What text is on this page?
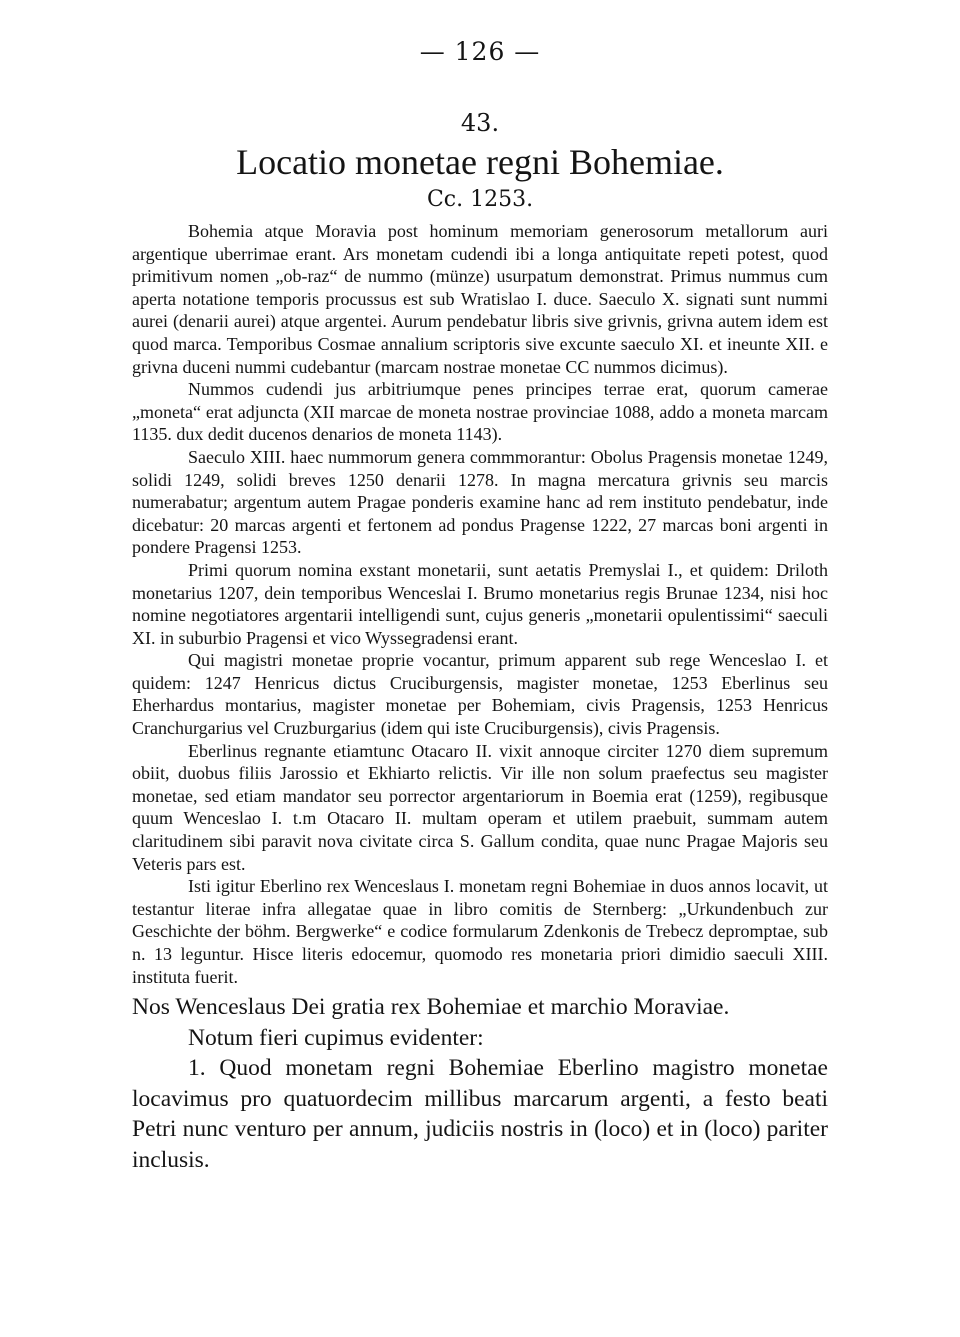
— 126 —
43.
Locatio monetae regni Bohemiae.
Cc. 1253.

Bohemia atque Moravia post hominum memoriam generosorum metallorum auri argentique uberrimae erant. Ars monetam cudendi ibi a longa antiquitate repeti potest, quod primitivum nomen „ob-raz“ de nummo (münze) usurpatum demonstrat. Primus nummus cum aperta notatione temporis procussus est sub Wratislao I. duce. Saeculo X. signati sunt nummi aurei (denarii aurei) atque argentei. Aurum pendebatur libris sive grivnis, grivna autem idem est quod marca. Temporibus Cosmae annalium scriptoris sive excunte saeculo XI. et ineunte XII. e grivna duceni nummi cudebantur (marcam nostrae monetae CC nummos dicimus).

Nummos cudendi jus arbitriumque penes principes terrae erat, quorum camerae „moneta“ erat adjuncta (XII marcae de moneta nostrae provinciae 1088, addo a moneta marcam 1135. dux dedit ducenos denarios de moneta 1143).

Saeculo XIII. haec nummorum genera commmorantur: Obolus Pragensis monetae 1249, solidi 1249, solidi breves 1250 denarii 1278. In magna mercatura grivnis seu marcis numerabatur; argentum autem Pragae ponderis examine hanc ad rem instituto pendebatur, inde dicebatur: 20 marcas argenti et fertonem ad pondus Pragense 1222, 27 marcas boni argenti in pondere Pragensi 1253.

Primi quorum nomina exstant monetarii, sunt aetatis Premyslai I., et quidem: Driloth monetarius 1207, dein temporibus Wenceslai I. Brumo monetarius regis Brunae 1234, nisi hoc nomine negotiatores argentarii intelligendi sunt, cujus generis „monetarii opulentissimi“ saeculi XI. in suburbio Pragensi et vico Wyssegradensi erant.

Qui magistri monetae proprie vocantur, primum apparent sub rege Wenceslao I. et quidem: 1247 Henricus dictus Cruciburgensis, magister monetae, 1253 Eberlinus seu Eherhardus montarius, magister monetae per Bohemiam, civis Pragensis, 1253 Henricus Cranchurgarius vel Cruzburgarius (idem qui iste Cruciburgensis), civis Pragensis.

Eberlinus regnante etiamtunc Otacaro II. vixit annoque circiter 1270 diem supremum obiit, duobus filiis Jarossio et Ekhiarto relictis. Vir ille non solum praefectus seu magister monetae, sed etiam mandator seu porrector argentariorum in Boemia erat (1259), regibusque quum Wenceslao I. t.m Otacaro II. multam operam et utilem praebuit, summam autem claritudinem sibi paravit nova civitate circa S. Gallum condita, quae nunc Pragae Majoris seu Veteris pars est.

Isti igitur Eberlino rex Wenceslaus I. monetam regni Bohemiae in duos annos locavit, ut testantur literae infra allegatae quae in libro comitis de Sternberg: „Urkundenbuch zur Geschichte der böhm. Bergwerke“ e codice formularum Zdenkonis de Trebecz depromptae, sub n. 13 leguntur. Hisce literis edocemur, quomodo res monetaria priori dimidio saeculi XIII. instituta fuerit.

Nos Wenceslaus Dei gratia rex Bohemiae et marchio Moraviae.

Notum fieri cupimus evidenter:

1. Quod monetam regni Bohemiae Eberlino magistro monetae locavimus pro quatuordecim millibus marcarum argenti, a festo beati Petri nunc venturo per annum, judiciis nostris in (loco) et in (loco) pariter inclusis.
